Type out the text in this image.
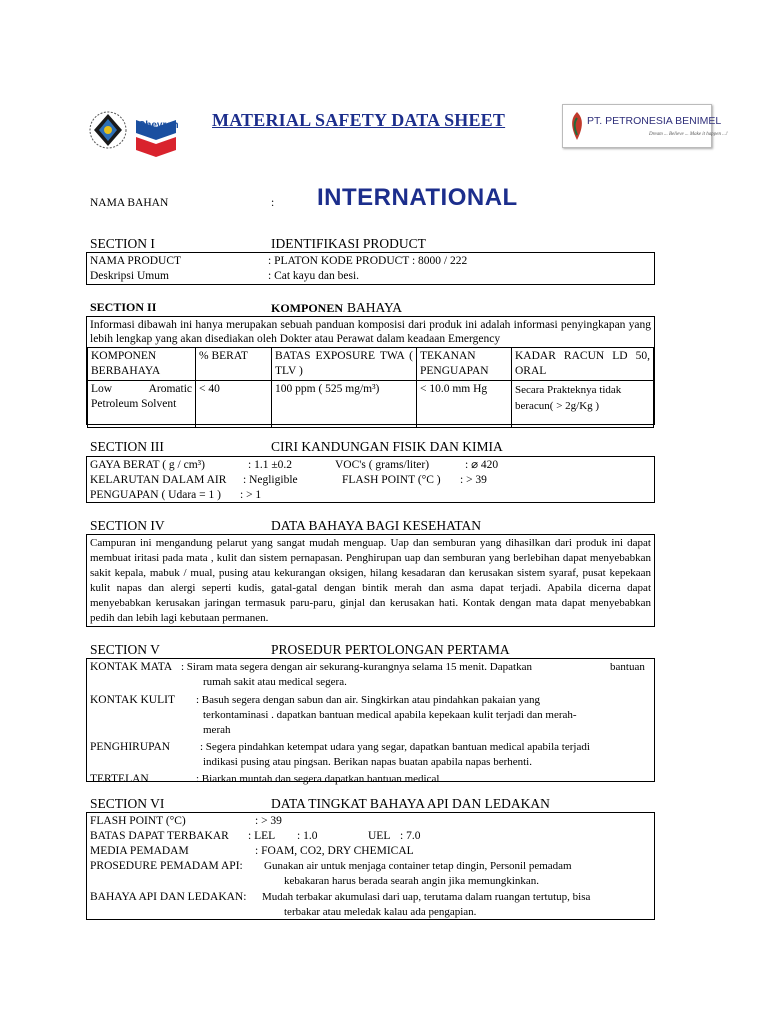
Chevron MATERIAL SAFETY DATA SHEET	PT. PETRONESIA BENIMEL
Dream ... Believe ... Make it happen ...!
NAMA BAHAN	: INTERNATIONAL
SECTION I	IDENTIFIKASI PRODUCT
NAMA PRODUCT	: PLATON KODE PRODUCT : 8000 / 222
Deskripsi Umum	: Cat kayu dan besi.
SECTION II	KOMPONEN BAHAYA
Informasi dibawah ini hanya merupakan sebuah panduan komposisi dari produk ini adalah informasi penyingkapan yang lebih lengkap yang akan disediakan oleh Dokter atau Perawat dalam keadaan Emergency
KOMPONEN BERBAHAYA	% BERAT	BATAS EXPOSURE TWA ( TLV )	TEKANAN PENGUAPAN	KADAR RACUN LD 50, ORAL
Low Aromatic Petroleum Solvent	< 40	100 ppm ( 525 mg/m³)	< 10.0 mm Hg	Secara Prakteknya tidak beracun( > 2g/Kg )
SECTION III	CIRI KANDUNGAN FISIK DAN KIMIA
GAYA BERAT ( g / cm³)	: 1.1 ±0.2	VOC's ( grams/liter)	: ⌀ 420
KELARUTAN DALAM AIR : Negligible	FLASH POINT (°C ) : > 39
PENGUAPAN ( Udara = 1 ) : > 1
SECTION IV	DATA BAHAYA BAGI KESEHATAN
Campuran ini mengandung pelarut yang sangat mudah menguap. Uap dan semburan yang dihasilkan dari produk ini dapat membuat iritasi pada mata , kulit dan sistem pernapasan. Penghirupan uap dan semburan yang berlebihan dapat menyebabkan sakit kepala, mabuk / mual, pusing atau kekurangan oksigen, hilang kesadaran dan kerusakan sistem syaraf, pusat kepekaan kulit napas dan alergi seperti kudis, gatal-gatal dengan bintik merah dan asma dapat terjadi. Apabila dicerna dapat menyebabkan kerusakan jaringan termasuk paru-paru, ginjal dan kerusakan hati. Kontak dengan mata dapat menyebabkan pedih dan lebih lagi kebutaan permanen.
SECTION V	PROSEDUR PERTOLONGAN PERTAMA
KONTAK MATA : Siram mata segera dengan air sekurang-kurangnya selama 15 menit. Dapatkan	bantuan
rumah sakit atau medical segera.
KONTAK KULIT : Basuh segera dengan sabun dan air. Singkirkan atau pindahkan pakaian yang
terkontaminasi . dapatkan bantuan medical apabila kepekaan kulit terjadi dan merah-
merah
PENGHIRUPAN	: Segera pindahkan ketempat udara yang segar, dapatkan bantuan medical apabila terjadi
indikasi pusing atau pingsan. Berikan napas buatan apabila napas berhenti.
TERTELAN	: Biarkan muntah dan segera dapatkan bantuan medical
SECTION VI	DATA TINGKAT BAHAYA API DAN LEDAKAN
FLASH POINT (°C)	: > 39
BATAS DAPAT TERBAKAR : LEL : 1.0	UEL : 7.0
MEDIA PEMADAM	: FOAM, CO2, DRY CHEMICAL
PROSEDURE PEMADAM API: Gunakan air untuk menjaga container tetap dingin, Personil pemadam
kebakaran harus berada searah angin jika memungkinkan.
BAHAYA API DAN LEDAKAN: Mudah terbakar akumulasi dari uap, terutama dalam ruangan tertutup, bisa
terbakar atau meledak kalau ada pengapian.
